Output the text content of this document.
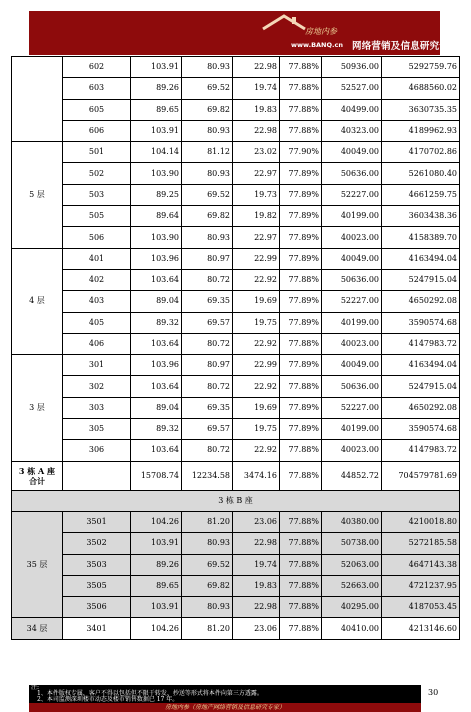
房地内参
www.BANQ.cn 网络营销及信息研究专家
	602	103.91	80.93	22.98	77.88%	50936.00	5292759.76
	603	89.26	69.52	19.74	77.88%	52527.00	4688560.02
	605	89.65	69.82	19.83	77.88%	40499.00	3630735.35
	606	103.91	80.93	22.98	77.88%	40323.00	4189962.93
5 层	501	104.14	81.12	23.02	77.90%	40049.00	4170702.86
	502	103.90	80.93	22.97	77.89%	50636.00	5261080.40
	503	89.25	69.52	19.73	77.89%	52227.00	4661259.75
	505	89.64	69.82	19.82	77.89%	40199.00	3603438.36
	506	103.90	80.93	22.97	77.89%	40023.00	4158389.70
4 层	401	103.96	80.97	22.99	77.89%	40049.00	4163494.04
	402	103.64	80.72	22.92	77.88%	50636.00	5247915.04
	403	89.04	69.35	19.69	77.89%	52227.00	4650292.08
	405	89.32	69.57	19.75	77.89%	40199.00	3590574.68
	406	103.64	80.72	22.92	77.88%	40023.00	4147983.72
3 层	301	103.96	80.97	22.99	77.89%	40049.00	4163494.04
	302	103.64	80.72	22.92	77.88%	50636.00	5247915.04
	303	89.04	69.35	19.69	77.89%	52227.00	4650292.08
	305	89.32	69.57	19.75	77.89%	40199.00	3590574.68
	306	103.64	80.72	22.92	77.88%	40023.00	4147983.72

3 栋 A 座
合计		15708.74	12234.58	3474.16	77.88%	44852.72	704579781.69
3 栋 B 座							
35 层	3501	104.26	81.20	23.06	77.88%	40380.00	4210018.80
	3502	103.91	80.93	22.98	77.88%	50738.00	5272185.58
	3503	89.26	69.52	19.74	77.88%	52063.00	4647143.38
	3505	89.65	69.82	19.83	77.88%	52663.00	4721237.95
	3506	103.91	80.93	22.98	77.88%	40295.00	4187053.45
34 层	3401	104.26	81.20	23.06	77.88%	40410.00	4213146.60
注:
1、本件版权专属，客户不得以包括但不限于转发、抄送等形式将本件向第三方透露。
2、本司监测深圳楼市动态及楼市销售数据已 17 年。
30
房地内参（房地产网络营销及信息研究专家）
